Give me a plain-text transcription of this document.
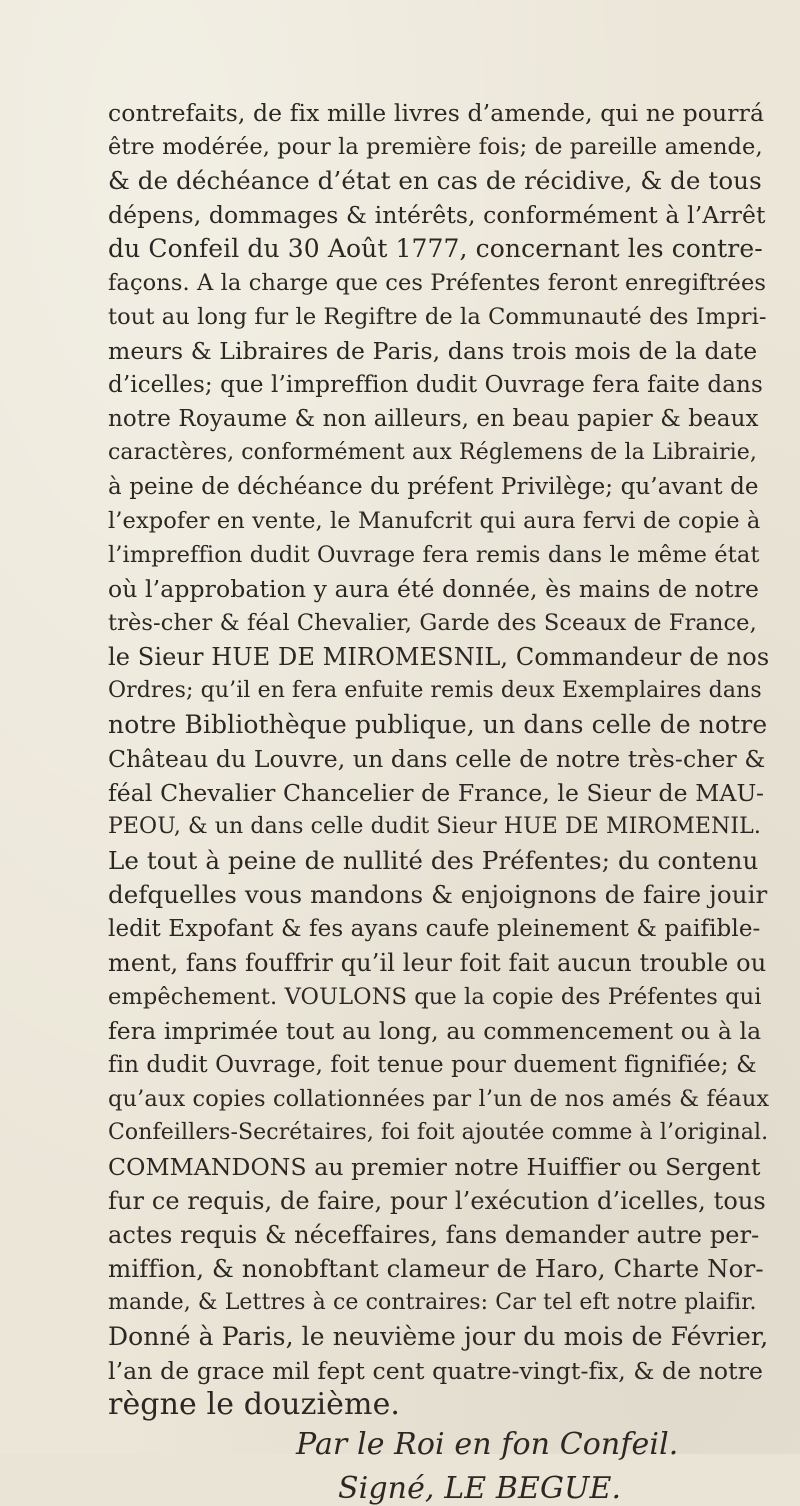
contrefaits, de fix mille livres d’amende, qui ne pourrá
être modérée, pour la première fois; de pareille amende,
& de déchéance d’état en cas de récidive, & de tous
dépens, dommages & intérêts, conformément à l’Arrêt
du Confeil du 30 Août 1777, concernant les contre-
façons. A la charge que ces Préfentes feront enregiftrées
tout au long fur le Regiftre de la Communauté des Impri-
meurs & Libraires de Paris, dans trois mois de la date
d’icelles; que l’impreffion dudit Ouvrage fera faite dans
notre Royaume & non ailleurs, en beau papier & beaux
caractères, conformément aux Réglemens de la Librairie,
à peine de déchéance du préfent Privilège; qu’avant de
l’expofer en vente, le Manufcrit qui aura fervi de copie à
l’impreffion dudit Ouvrage fera remis dans le même état
où l’approbation y aura été donnée, ès mains de notre
très-cher & féal Chevalier, Garde des Sceaux de France,
le Sieur HUE DE MIROMESNIL, Commandeur de nos
Ordres; qu’il en fera enfuite remis deux Exemplaires dans
notre Bibliothèque publique, un dans celle de notre
Château du Louvre, un dans celle de notre très-cher &
féal Chevalier Chancelier de France, le Sieur de MAU-
PEOU, & un dans celle dudit Sieur HUE DE MIROMENIL.
Le tout à peine de nullité des Préfentes; du contenu
defquelles vous mandons & enjoignons de faire jouir
ledit Expofant & fes ayans caufe pleinement & paifible-
ment, fans fouffrir qu’il leur foit fait aucun trouble ou
empêchement. VOULONS que la copie des Préfentes qui
fera imprimée tout au long, au commencement ou à la
fin dudit Ouvrage, foit tenue pour duement fignifiée; &
qu’aux copies collationnées par l’un de nos amés & féaux
Confeillers-Secrétaires, foi foit ajoutée comme à l’original.
COMMANDONS au premier notre Huiffier ou Sergent
fur ce requis, de faire, pour l’exécution d’icelles, tous
actes requis & néceffaires, fans demander autre per-
miffion, & nonobftant clameur de Haro, Charte Nor-
mande, & Lettres à ce contraires: Car tel eft notre plaifir.
Donné à Paris, le neuvième jour du mois de Février,
l’an de grace mil fept cent quatre-vingt-fix, & de notre
règne le douzième.
Par le Roi en fon Confeil.
Signé, LE BEGUE.
